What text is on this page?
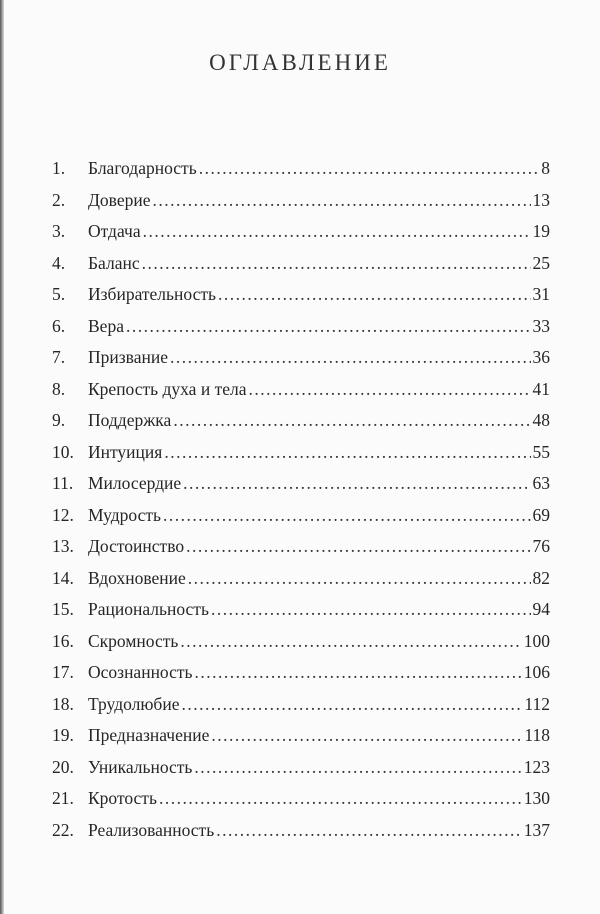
ОГЛАВЛЕНИЕ
1.	Благодарность .....	8
2.	Доверие .....	13
3.	Отдача .....	19
4.	Баланс .....	25
5.	Избирательность .....	31
6.	Вера .....	33
7.	Призвание .....	36
8.	Крепость духа и тела .....	41
9.	Поддержка .....	48
10. Интуиция .....	55
11. Милосердие .....	63
12. Мудрость .....	69
13. Достоинство .....	76
14. Вдохновение .....	82
15. Рациональность .....	94
16. Скромность .....	100
17. Осознанность .....	106
18. Трудолюбие .....	112
19. Предназначение .....	118
20. Уникальность .....	123
21. Кротость .....	130
22. Реализованность .....	137
